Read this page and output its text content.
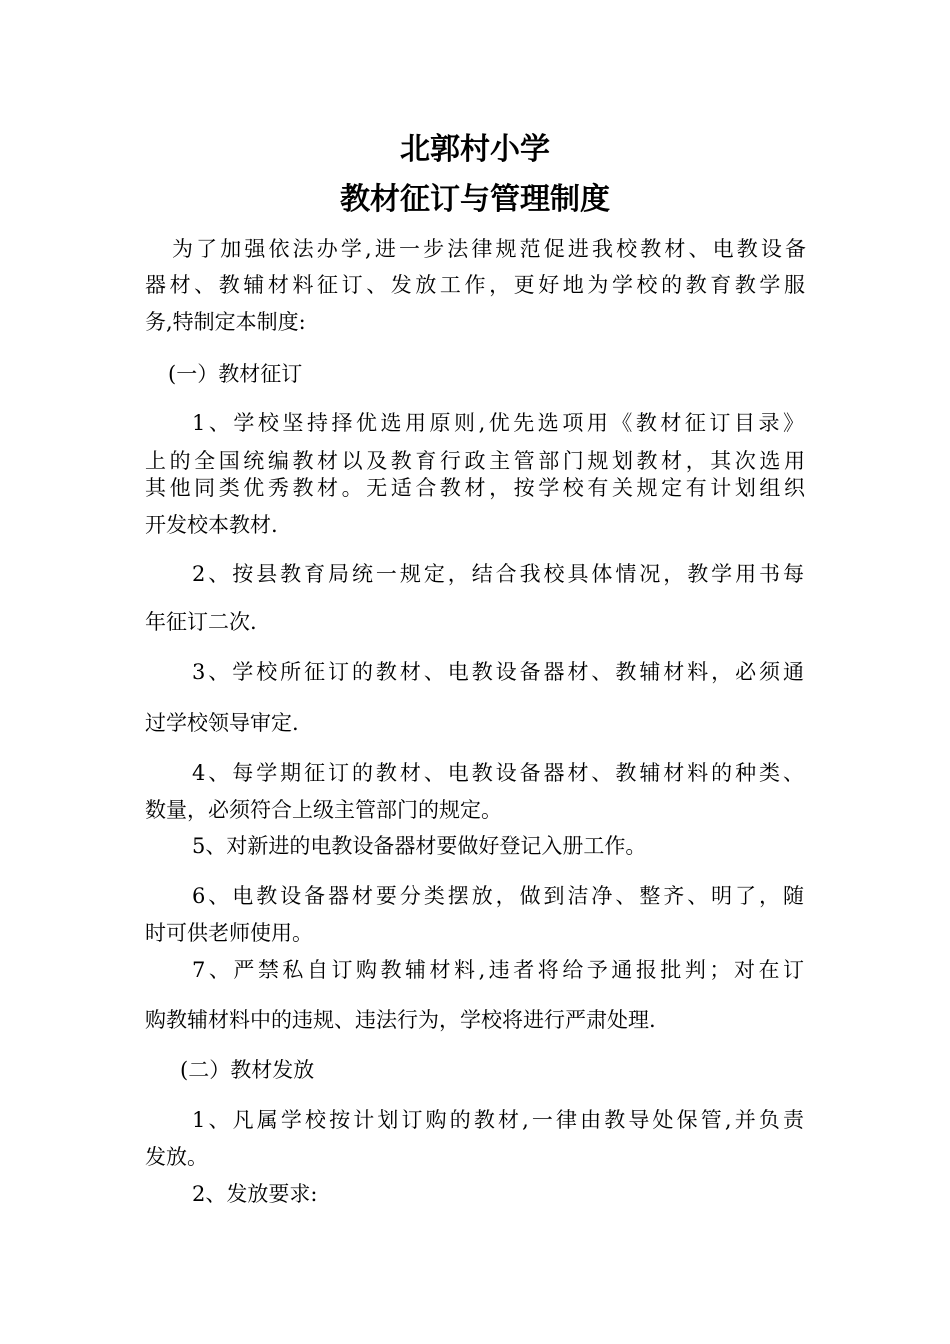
北郭村小学
教材征订与管理制度
为了加强依法办学,进一步法律规范促进我校教材、电教设备
器材、教辅材料征订、发放工作，更好地为学校的教育教学服
务,特制定本制度:
(一）教材征订
1、学校坚持择优选用原则,优先选项用《教材征订目录》
上的全国统编教材以及教育行政主管部门规划教材，其次选用
其他同类优秀教材。无适合教材，按学校有关规定有计划组织
开发校本教材.
2、按县教育局统一规定，结合我校具体情况，教学用书每
年征订二次.
3、学校所征订的教材、电教设备器材、教辅材料，必须通
过学校领导审定.
4、每学期征订的教材、电教设备器材、教辅材料的种类、
数量，必须符合上级主管部门的规定。
5、对新进的电教设备器材要做好登记入册工作。
6、电教设备器材要分类摆放，做到洁净、整齐、明了，随
时可供老师使用。
7、严禁私自订购教辅材料,违者将给予通报批判；对在订
购教辅材料中的违规、违法行为，学校将进行严肃处理.
(二）教材发放
1、凡属学校按计划订购的教材,一律由教导处保管,并负责
发放。
2、发放要求:
